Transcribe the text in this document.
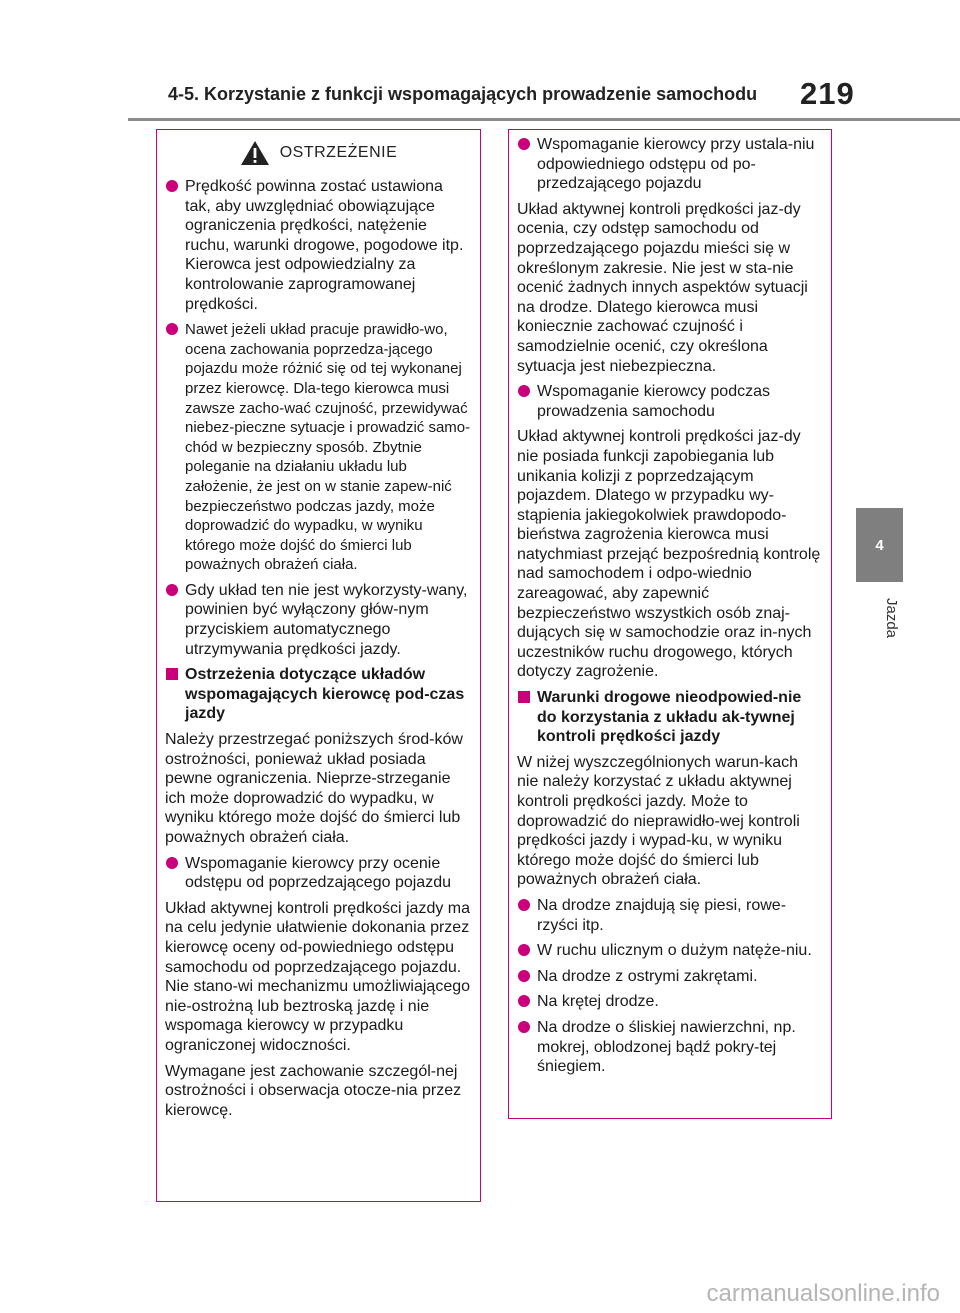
4-5. Korzystanie z funkcji wspomagających prowadzenie samochodu 219
4
Jazda
OSTRZEŻENIE

Prędkość powinna zostać ustawiona tak, aby uwzględniać obowiązujące ograniczenia prędkości, natężenie ruchu, warunki drogowe, pogodowe itp. Kierowca jest odpowiedzialny za kontrolowanie zaprogramowanej prędkości.

Nawet jeżeli układ pracuje prawidło-wo, ocena zachowania poprzedza-jącego pojazdu może różnić się od tej wykonanej przez kierowcę. Dla-tego kierowca musi zawsze zacho-wać czujność, przewidywać niebez-pieczne sytuacje i prowadzić samo-chód w bezpieczny sposób. Zbytnie poleganie na działaniu układu lub założenie, że jest on w stanie zapew-nić bezpieczeństwo podczas jazdy, może doprowadzić do wypadku, w wyniku którego może dojść do śmierci lub poważnych obrażeń ciała.

Gdy układ ten nie jest wykorzysty-wany, powinien być wyłączony głów-nym przyciskiem automatycznego utrzymywania prędkości jazdy.

Ostrzeżenia dotyczące układów wspomagających kierowcę pod-czas jazdy

Należy przestrzegać poniższych środ-ków ostrożności, ponieważ układ posiada pewne ograniczenia. Nieprze-strzeganie ich może doprowadzić do wypadku, w wyniku którego może dojść do śmierci lub poważnych obrażeń ciała.

Wspomaganie kierowcy przy ocenie odstępu od poprzedzającego pojazdu

Układ aktywnej kontroli prędkości jazdy ma na celu jedynie ułatwienie dokonania przez kierowcę oceny od-powiedniego odstępu samochodu od poprzedzającego pojazdu. Nie stano-wi mechanizmu umożliwiającego nie-ostrożną lub beztroską jazdę i nie wspomaga kierowcy w przypadku ograniczonej widoczności.

Wymagane jest zachowanie szczegól-nej ostrożności i obserwacja otocze-nia przez kierowcę.

Wspomaganie kierowcy przy ustala-niu odpowiedniego odstępu od po-przedzającego pojazdu

Układ aktywnej kontroli prędkości jaz-dy ocenia, czy odstęp samochodu od poprzedzającego pojazdu mieści się w określonym zakresie. Nie jest w sta-nie ocenić żadnych innych aspektów sytuacji na drodze. Dlatego kierowca musi koniecznie zachować czujność i samodzielnie ocenić, czy określona sytuacja jest niebezpieczna.

Wspomaganie kierowcy podczas prowadzenia samochodu

Układ aktywnej kontroli prędkości jaz-dy nie posiada funkcji zapobiegania lub unikania kolizji z poprzedzającym pojazdem. Dlatego w przypadku wy-stąpienia jakiegokolwiek prawdopodo-bieństwa zagrożenia kierowca musi natychmiast przejąć bezpośrednią kontrolę nad samochodem i odpo-wiednio zareagować, aby zapewnić bezpieczeństwo wszystkich osób znaj-dujących się w samochodzie oraz in-nych uczestników ruchu drogowego, których dotyczy zagrożenie.

Warunki drogowe nieodpowied-nie do korzystania z układu ak-tywnej kontroli prędkości jazdy

W niżej wyszczególnionych warun-kach nie należy korzystać z układu aktywnej kontroli prędkości jazdy. Może to doprowadzić do nieprawidło-wej kontroli prędkości jazdy i wypad-ku, w wyniku którego może dojść do śmierci lub poważnych obrażeń ciała.

Na drodze znajdują się piesi, rowe-rzyści itp.

W ruchu ulicznym o dużym natęże-niu.

Na drodze z ostrymi zakrętami.

Na krętej drodze.

Na drodze o śliskiej nawierzchni, np. mokrej, oblodzonej bądź pokry-tej śniegiem.

carmanualsonline.info
